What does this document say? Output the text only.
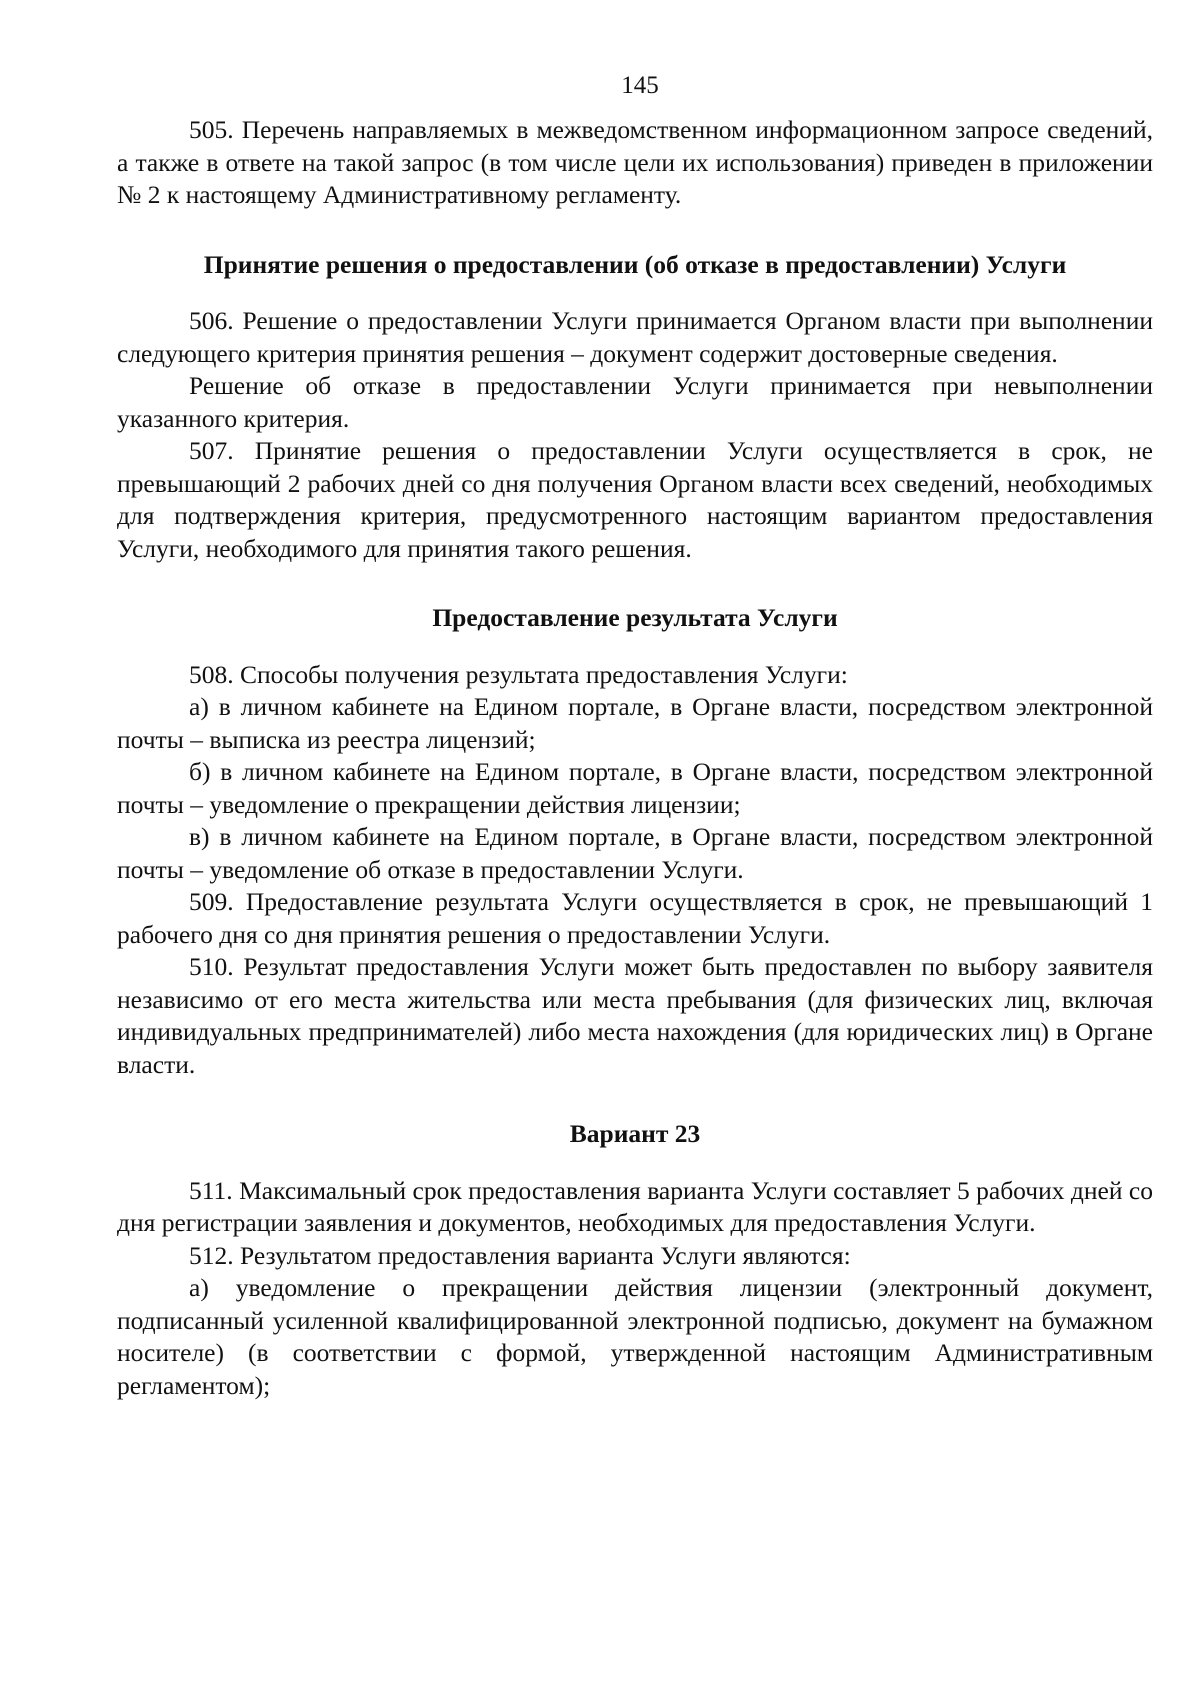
145

505. Перечень направляемых в межведомственном информационном запросе сведений, а также в ответе на такой запрос (в том числе цели их использования) приведен в приложении № 2 к настоящему Административному регламенту.

Принятие решения о предоставлении (об отказе в предоставлении) Услуги

506. Решение о предоставлении Услуги принимается Органом власти при выполнении следующего критерия принятия решения – документ содержит достоверные сведения.

Решение об отказе в предоставлении Услуги принимается при невыполнении указанного критерия.

507. Принятие решения о предоставлении Услуги осуществляется в срок, не превышающий 2 рабочих дней со дня получения Органом власти всех сведений, необходимых для подтверждения критерия, предусмотренного настоящим вариантом предоставления Услуги, необходимого для принятия такого решения.

Предоставление результата Услуги

508. Способы получения результата предоставления Услуги:

а) в личном кабинете на Едином портале, в Органе власти, посредством электронной почты – выписка из реестра лицензий;

б) в личном кабинете на Едином портале, в Органе власти, посредством электронной почты – уведомление о прекращении действия лицензии;

в) в личном кабинете на Едином портале, в Органе власти, посредством электронной почты – уведомление об отказе в предоставлении Услуги.

509. Предоставление результата Услуги осуществляется в срок, не превышающий 1 рабочего дня со дня принятия решения о предоставлении Услуги.

510. Результат предоставления Услуги может быть предоставлен по выбору заявителя независимо от его места жительства или места пребывания (для физических лиц, включая индивидуальных предпринимателей) либо места нахождения (для юридических лиц) в Органе власти.

Вариант 23

511. Максимальный срок предоставления варианта Услуги составляет 5 рабочих дней со дня регистрации заявления и документов, необходимых для предоставления Услуги.

512. Результатом предоставления варианта Услуги являются:

а) уведомление о прекращении действия лицензии (электронный документ, подписанный усиленной квалифицированной электронной подписью, документ на бумажном носителе) (в соответствии с формой, утвержденной настоящим Административным регламентом);
